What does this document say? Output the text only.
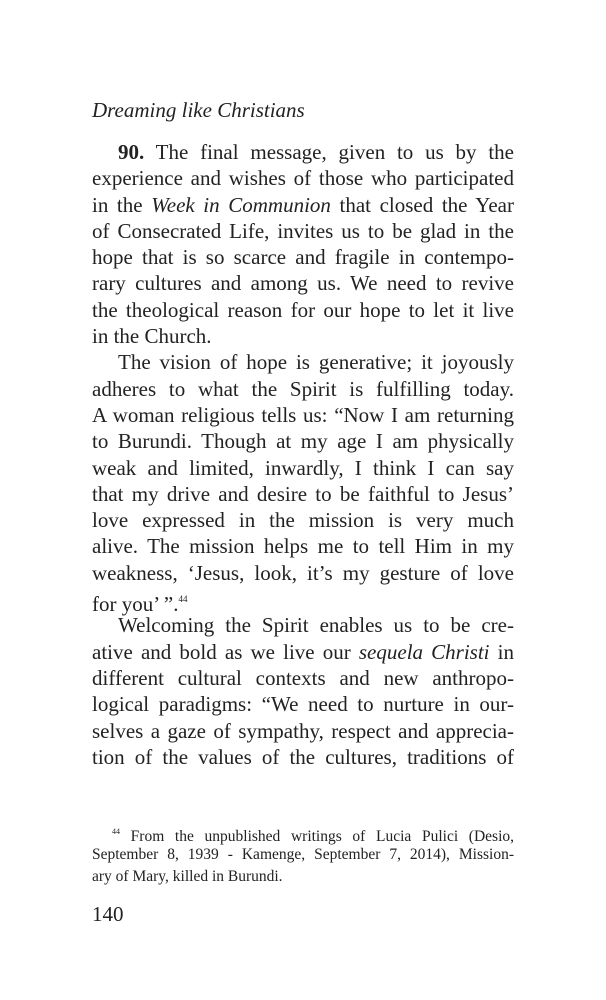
Dreaming like Christians
90. The final message, given to us by the
experience and wishes of those who participated
in the Week in Communion that closed the Year
of Consecrated Life, invites us to be glad in the
hope that is so scarce and fragile in contempo-
rary cultures and among us. We need to revive
the theological reason for our hope to let it live
in the Church.
The vision of hope is generative; it joyously
adheres to what the Spirit is fulfilling today.
A woman religious tells us: “Now I am returning
to Burundi. Though at my age I am physically
weak and limited, inwardly, I think I can say
that my drive and desire to be faithful to Jesus’
love expressed in the mission is very much
alive. The mission helps me to tell Him in my
weakness, ‘Jesus, look, it’s my gesture of love
for you’ ”.$^{44}$
Welcoming the Spirit enables us to be cre-
ative and bold as we live our sequela Christi in
different cultural contexts and new anthropo-
logical paradigms: “We need to nurture in our-
selves a gaze of sympathy, respect and apprecia-
tion of the values of the cultures, traditions of
$^{44}$ From the unpublished writings of Lucia Pulici (Desio,
September 8, 1939 - Kamenge, September 7, 2014), Mission-
ary of Mary, killed in Burundi.
140
